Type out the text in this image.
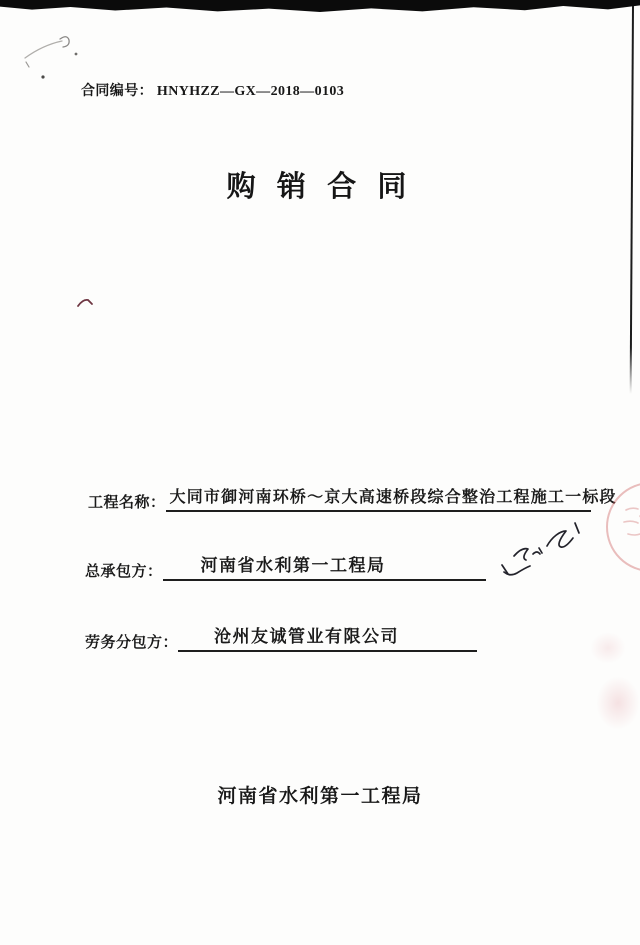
合同编号： HNYHZZ—GX—2018—0103
购 销 合 同
工程名称： 大同市御河南环桥～京大高速桥段综合整治工程施工一标段
总承包方： 河南省水利第一工程局
劳务分包方： 沧州友诚管业有限公司
河南省水利第一工程局
